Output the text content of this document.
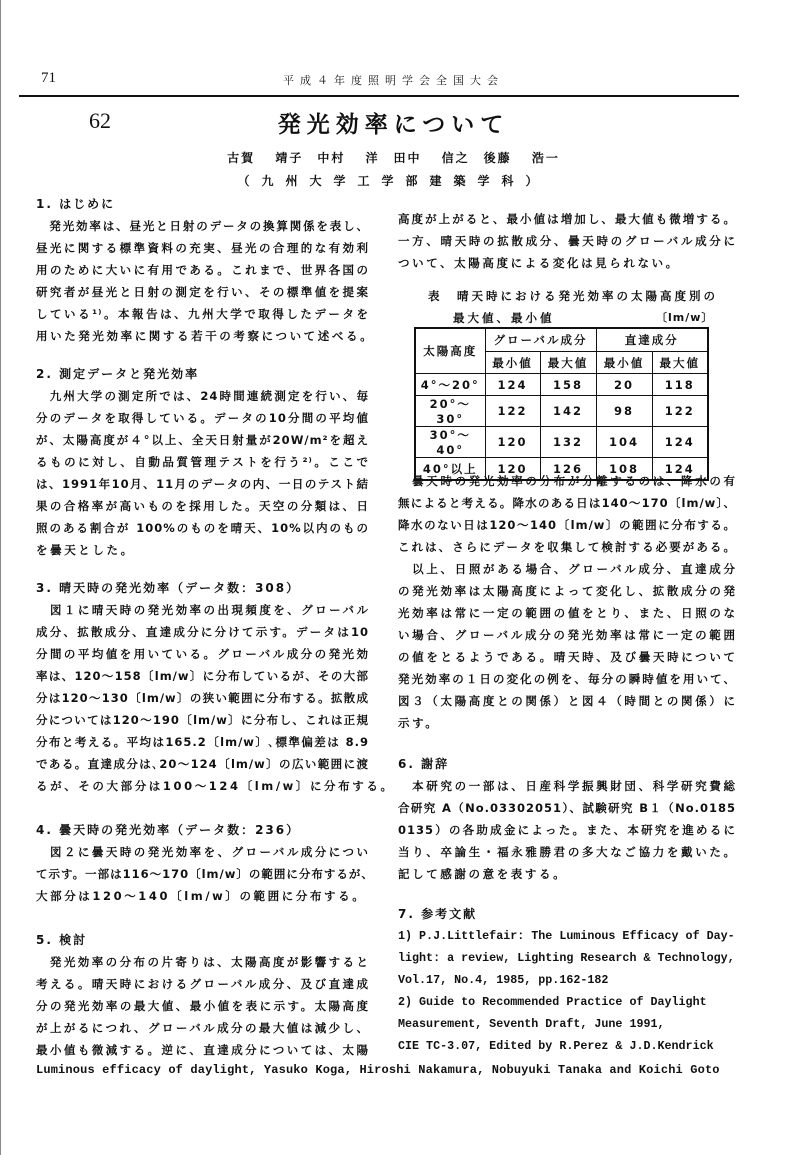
71	平成４年度照明学会全国大会
62	発光効率について
古賀 靖子　中村 洋　田中 信之　後藤 浩一
（九州大学工学部建築学科）
1. はじめに
　発光効率は、昼光と日射のデータの換算関係を表し、
昼光に関する標準資料の充実、昼光の合理的な有効利
用のために大いに有用である。これまで、世界各国の
研究者が昼光と日射の測定を行い、その標準値を提案
している¹⁾。本報告は、九州大学で取得したデータを
用いた発光効率に関する若干の考察について述べる。
2. 測定データと発光効率
　九州大学の測定所では、24時間連続測定を行い、毎
分のデータを取得している。データの10分間の平均値
が、太陽高度が４°以上、全天日射量が20W/m²を超え
るものに対し、自動品質管理テストを行う²⁾。ここで
は、1991年10月、11月のデータの内、一日のテスト結
果の合格率が高いものを採用した。天空の分類は、日
照のある割合が 100%のものを晴天、10%以内のもの
を曇天とした。
3. 晴天時の発光効率（データ数：308）
　図１に晴天時の発光効率の出現頻度を、グローバル
成分、拡散成分、直達成分に分けて示す。データは10
分間の平均値を用いている。グローバル成分の発光効
率は、120～158〔lm/w〕に分布しているが、その大部
分は120～130〔lm/w〕の狭い範囲に分布する。拡散成
分については120～190〔lm/w〕に分布し、これは正規
分布と考える。平均は165.2〔lm/w〕､標準偏差は 8.9
である。直達成分は､20～124〔lm/w〕の広い範囲に渡
るが、その大部分は100～124〔lm/w〕に分布する。
4. 曇天時の発光効率（データ数：236）
　図２に曇天時の発光効率を、グローバル成分につい
て示す。一部は116～170〔lm/w〕の範囲に分布するが、
大部分は120～140〔lm/w〕の範囲に分布する。
5. 検討
　発光効率の分布の片寄りは、太陽高度が影響すると
考える。晴天時におけるグローバル成分、及び直達成
分の発光効率の最大値、最小値を表に示す。太陽高度
が上がるにつれ、グローバル成分の最大値は減少し、
最小値も微減する。逆に、直達成分については、太陽
高度が上がると、最小値は増加し、最大値も微増する。
一方、晴天時の拡散成分、曇天時のグローバル成分に
ついて、太陽高度による変化は見られない。
表　晴天時における発光効率の太陽高度別の
最大値、最小値	〔lm/w〕
太陽高度	グローバル成分		直達成分	
	最小値	最大値	最小値	最大値
4°～20°	124	158	20	118
20°～30°	122	142	98	122
30°～40°	120	132	104	124
40°以上	120	126	108	124
　曇天時の発光効率の分布が分離するのは、降水の有
無によると考える。降水のある日は140～170〔lm/w〕、
降水のない日は120～140〔lm/w〕の範囲に分布する。
これは、さらにデータを収集して検討する必要がある。
　以上、日照がある場合、グローバル成分、直達成分
の発光効率は太陽高度によって変化し、拡散成分の発
光効率は常に一定の範囲の値をとり、また、日照のな
い場合、グローバル成分の発光効率は常に一定の範囲
の値をとるようである。晴天時、及び曇天時について
発光効率の１日の変化の例を、毎分の瞬時値を用いて、
図３（太陽高度との関係）と図４（時間との関係）に
示す。
6. 謝辞
　本研究の一部は、日産科学振興財団、科学研究費総
合研究 A（No.03302051）、試験研究 B１（No.0185
0135）の各助成金によった。また、本研究を進めるに
当り、卒論生・福永雅勝君の多大なご協力を戴いた。
記して感謝の意を表する。
7. 参考文献
1) P.J.Littlefair: The Luminous Efficacy of Day-
light: a review, Lighting Research & Technology,
Vol.17, No.4, 1985, pp.162-182
2) Guide to Recommended Practice of Daylight
Measurement, Seventh Draft, June 1991,
CIE TC-3.07, Edited by R.Perez & J.D.Kendrick
Luminous efficacy of daylight, Yasuko Koga, Hiroshi Nakamura, Nobuyuki Tanaka and Koichi Goto
